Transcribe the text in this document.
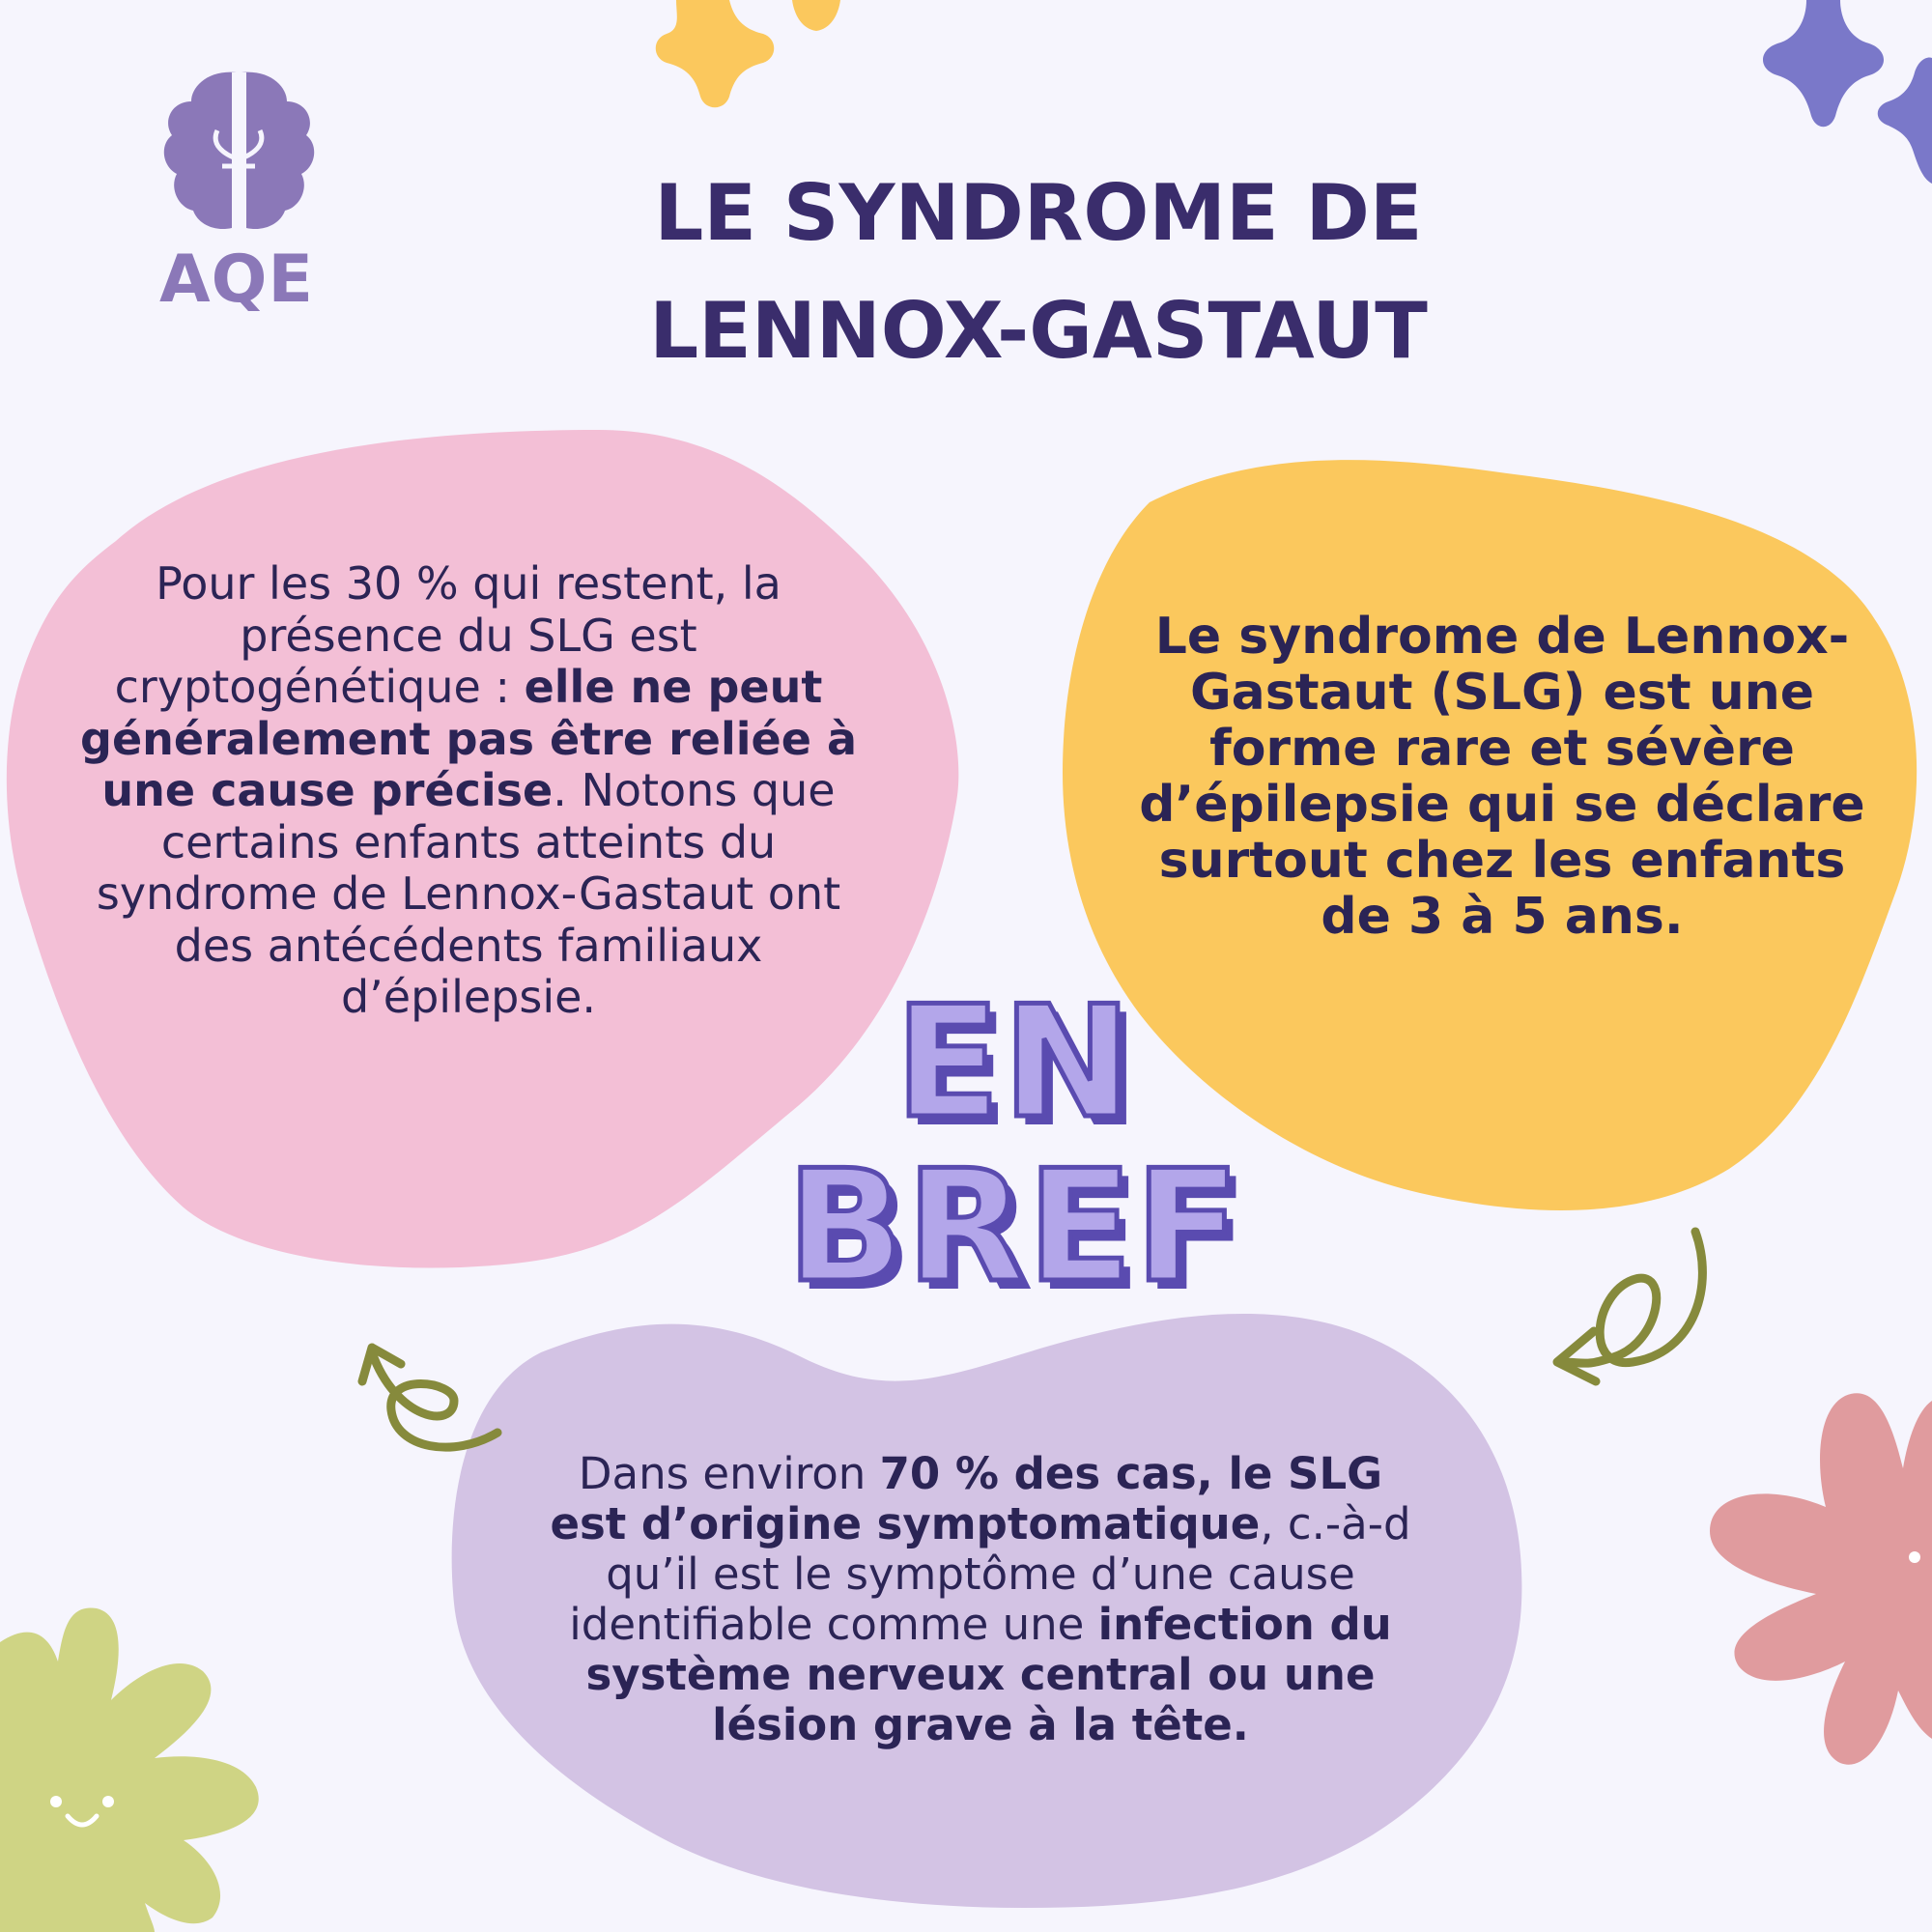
AQE
LE SYNDROME DE
LENNOX-GASTAUT
Pour les 30 % qui restent, la présence du SLG est cryptogénétique : elle ne peut généralement pas être reliée à une cause précise. Notons que certains enfants atteints du syndrome de Lennox-Gastaut ont des antécédents familiaux d’épilepsie.
Le syndrome de Lennox-Gastaut (SLG) est une forme rare et sévère d’épilepsie qui se déclare surtout chez les enfants de 3 à 5 ans.
EN
BREF
Dans environ 70 % des cas, le SLG est d’origine symptomatique, c.-à-d qu’il est le symptôme d’une cause identifiable comme une infection du système nerveux central ou une lésion grave à la tête.
